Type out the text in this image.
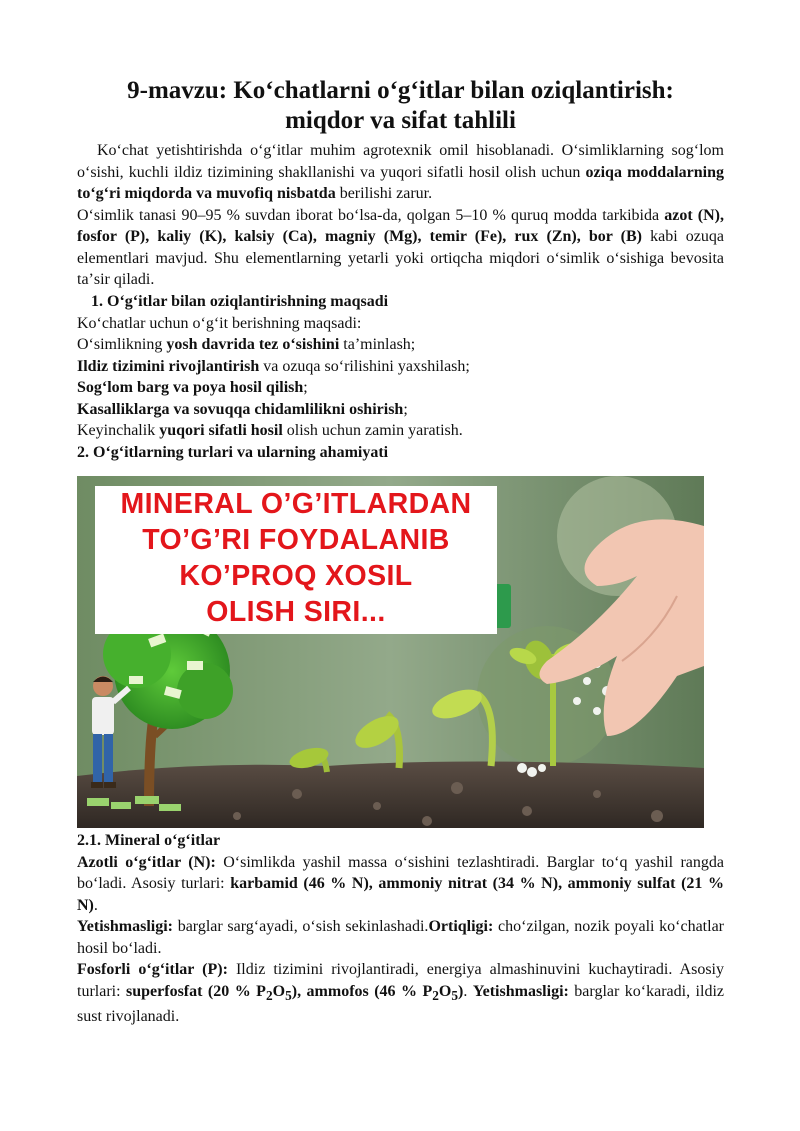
9-mavzu: Koʻchatlarni oʻgʻitlar bilan oziqlantirish:
miqdor va sifat tahlili

Koʻchat yetishtirishda oʻgʻitlar muhim agrotexnik omil hisoblanadi. Oʻsimliklarning sogʻlom oʻsishi, kuchli ildiz tizimining shakllanishi va yuqori sifatli hosil olish uchun oziqa moddalarning toʻgʻri miqdorda va muvofiq nisbatda berilishi zarur.

Oʻsimlik tanasi 90–95 % suvdan iborat boʻlsa-da, qolgan 5–10 % quruq modda tarkibida azot (N), fosfor (P), kaliy (K), kalsiy (Ca), magniy (Mg), temir (Fe), rux (Zn), bor (B) kabi ozuqa elementlari mavjud. Shu elementlarning yetarli yoki ortiqcha miqdori oʻsimlik oʻsishiga bevosita taʼsir qiladi.

1. Oʻgʻitlar bilan oziqlantirishning maqsadi

Koʻchatlar uchun oʻgʻit berishning maqsadi:

Oʻsimlikning yosh davrida tez oʻsishini taʼminlash;

Ildiz tizimini rivojlantirish va ozuqa soʻrilishini yaxshilash;

Sogʻlom barg va poya hosil qilish;

Kasalliklarga va sovuqqa chidamlilikni oshirish;

Keyinchalik yuqori sifatli hosil olish uchun zamin yaratish.

2. Oʻgʻitlarning turlari va ularning ahamiyati
MINERAL O’G’ITLARDAN
TO’G’RI FOYDALANIB
KO’PROQ XOSIL
OLISH SIRI...
2.1. Mineral oʻgʻitlar

Azotli oʻgʻitlar (N): Oʻsimlikda yashil massa oʻsishini tezlashtiradi. Barglar toʻq yashil rangda boʻladi. Asosiy turlari: karbamid (46 % N), ammoniy nitrat (34 % N), ammoniy sulfat (21 % N).

Yetishmasligi: barglar sargʻayadi, oʻsish sekinlashadi.Ortiqligi: choʻzilgan, nozik poyali koʻchatlar hosil boʻladi.

Fosforli oʻgʻitlar (P): Ildiz tizimini rivojlantiradi, energiya almashinuvini kuchaytiradi. Asosiy turlari: superfosfat (20 % $P_2O_5$), ammofos (46 % $P_2O_5$). Yetishmasligi: barglar koʻkaradi, ildiz sust rivojlanadi.
